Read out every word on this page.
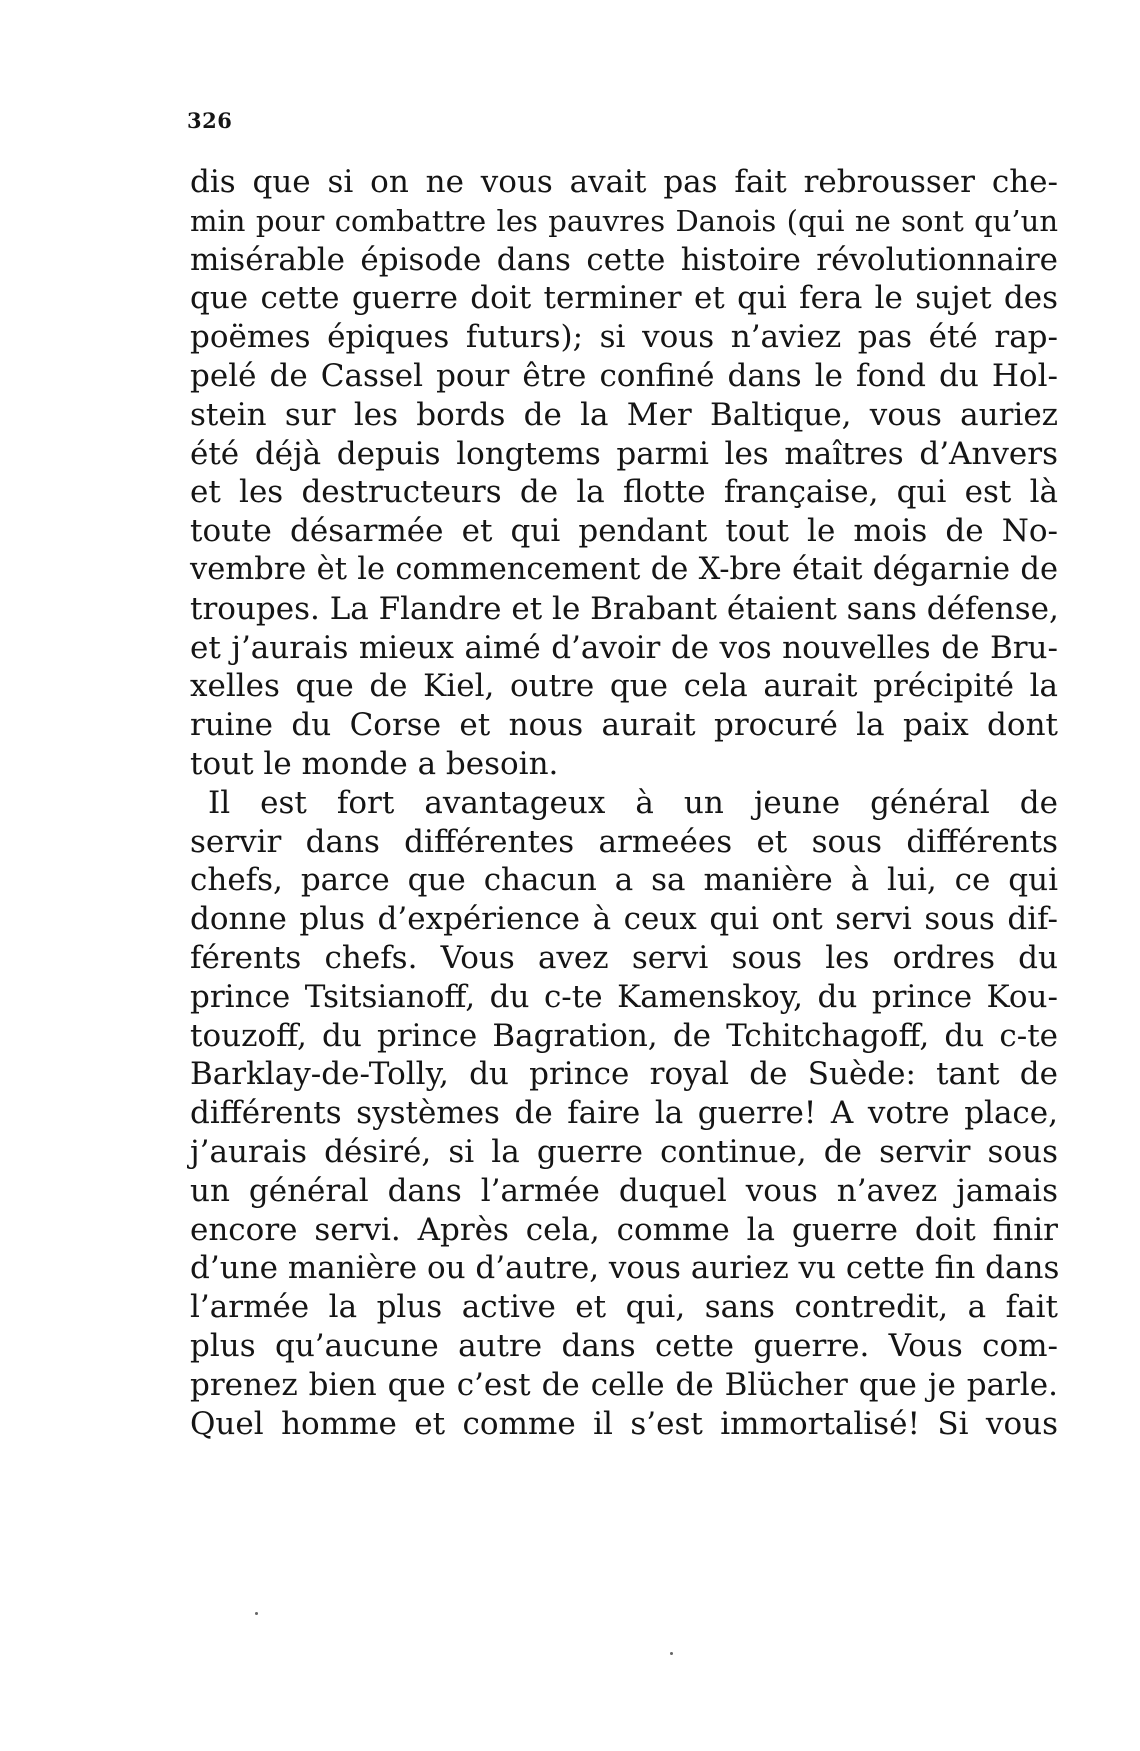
326
dis que si on ne vous avait pas fait rebrousser che-
min pour combattre les pauvres Danois (qui ne sont qu’un
misérable épisode dans cette histoire révolutionnaire
que cette guerre doit terminer et qui fera le sujet des
poëmes épiques futurs); si vous n’aviez pas été rap-
pelé de Cassel pour être confiné dans le fond du Hol-
stein sur les bords de la Mer Baltique, vous auriez
été déjà depuis longtems parmi les maîtres d’Anvers
et les destructeurs de la flotte française, qui est là
toute désarmée et qui pendant tout le mois de No-
vembre èt le commencement de X-bre était dégarnie de
troupes. La Flandre et le Brabant étaient sans défense,
et j’aurais mieux aimé d’avoir de vos nouvelles de Bru-
xelles que de Kiel, outre que cela aurait précipité la
ruine du Corse et nous aurait procuré la paix dont
tout le monde a besoin.
Il est fort avantageux à un jeune général de
servir dans différentes armeées et sous différents
chefs, parce que chacun a sa manière à lui, ce qui
donne plus d’expérience à ceux qui ont servi sous dif-
férents chefs. Vous avez servi sous les ordres du
prince Tsitsianoff, du c-te Kamenskoy, du prince Kou-
touzoff, du prince Bagration, de Tchitchagoff, du c-te
Barklay-de-Tolly, du prince royal de Suède: tant de
différents systèmes de faire la guerre! A votre place,
j’aurais désiré, si la guerre continue, de servir sous
un général dans l’armée duquel vous n’avez jamais
encore servi. Après cela, comme la guerre doit finir
d’une manière ou d’autre, vous auriez vu cette fin dans
l’armée la plus active et qui, sans contredit, a fait
plus qu’aucune autre dans cette guerre. Vous com-
prenez bien que c’est de celle de Blücher que je parle.
Quel homme et comme il s’est immortalisé! Si vous
